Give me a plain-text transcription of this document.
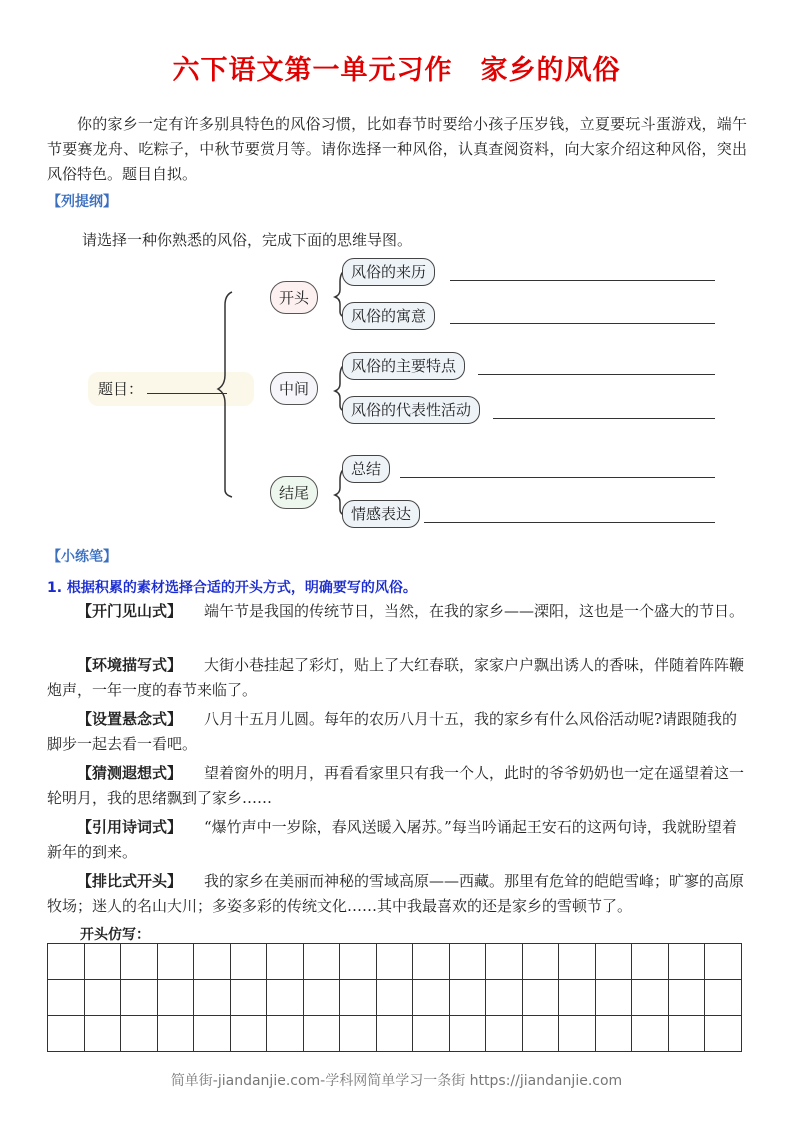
六下语文第一单元习作　家乡的风俗
你的家乡一定有许多别具特色的风俗习惯，比如春节时要给小孩子压岁钱，立夏要玩斗蛋游戏，端午节要赛龙舟、吃粽子，中秋节要赏月等。请你选择一种风俗，认真查阅资料，向大家介绍这种风俗，突出风俗特色。题目自拟。
【列提纲】
请选择一种你熟悉的风俗，完成下面的思维导图。
题目：
开头
中间
结尾
风俗的来历
风俗的寓意
风俗的主要特点
风俗的代表性活动
总结
情感表达
【小练笔】
1. 根据积累的素材选择合适的开头方式，明确要写的风俗。
【开门见山式】 端午节是我国的传统节日，当然，在我的家乡——溧阳，这也是一个盛大的节日。
【环境描写式】 大街小巷挂起了彩灯，贴上了大红春联，家家户户飘出诱人的香味，伴随着阵阵鞭炮声，一年一度的春节来临了。
【设置悬念式】 八月十五月儿圆。每年的农历八月十五，我的家乡有什么风俗活动呢?请跟随我的脚步一起去看一看吧。
【猜测遐想式】 望着窗外的明月，再看看家里只有我一个人，此时的爷爷奶奶也一定在遥望着这一轮明月，我的思绪飘到了家乡……
【引用诗词式】 “爆竹声中一岁除，春风送暖入屠苏。”每当吟诵起王安石的这两句诗，我就盼望着新年的到来。
【排比式开头】 我的家乡在美丽而神秘的雪域高原——西藏。那里有危耸的皑皑雪峰；旷寥的高原牧场；迷人的名山大川；多姿多彩的传统文化……其中我最喜欢的还是家乡的雪顿节了。
开头仿写：

简单街-jiandanjie.com-学科网简单学习一条街 https://jiandanjie.com
